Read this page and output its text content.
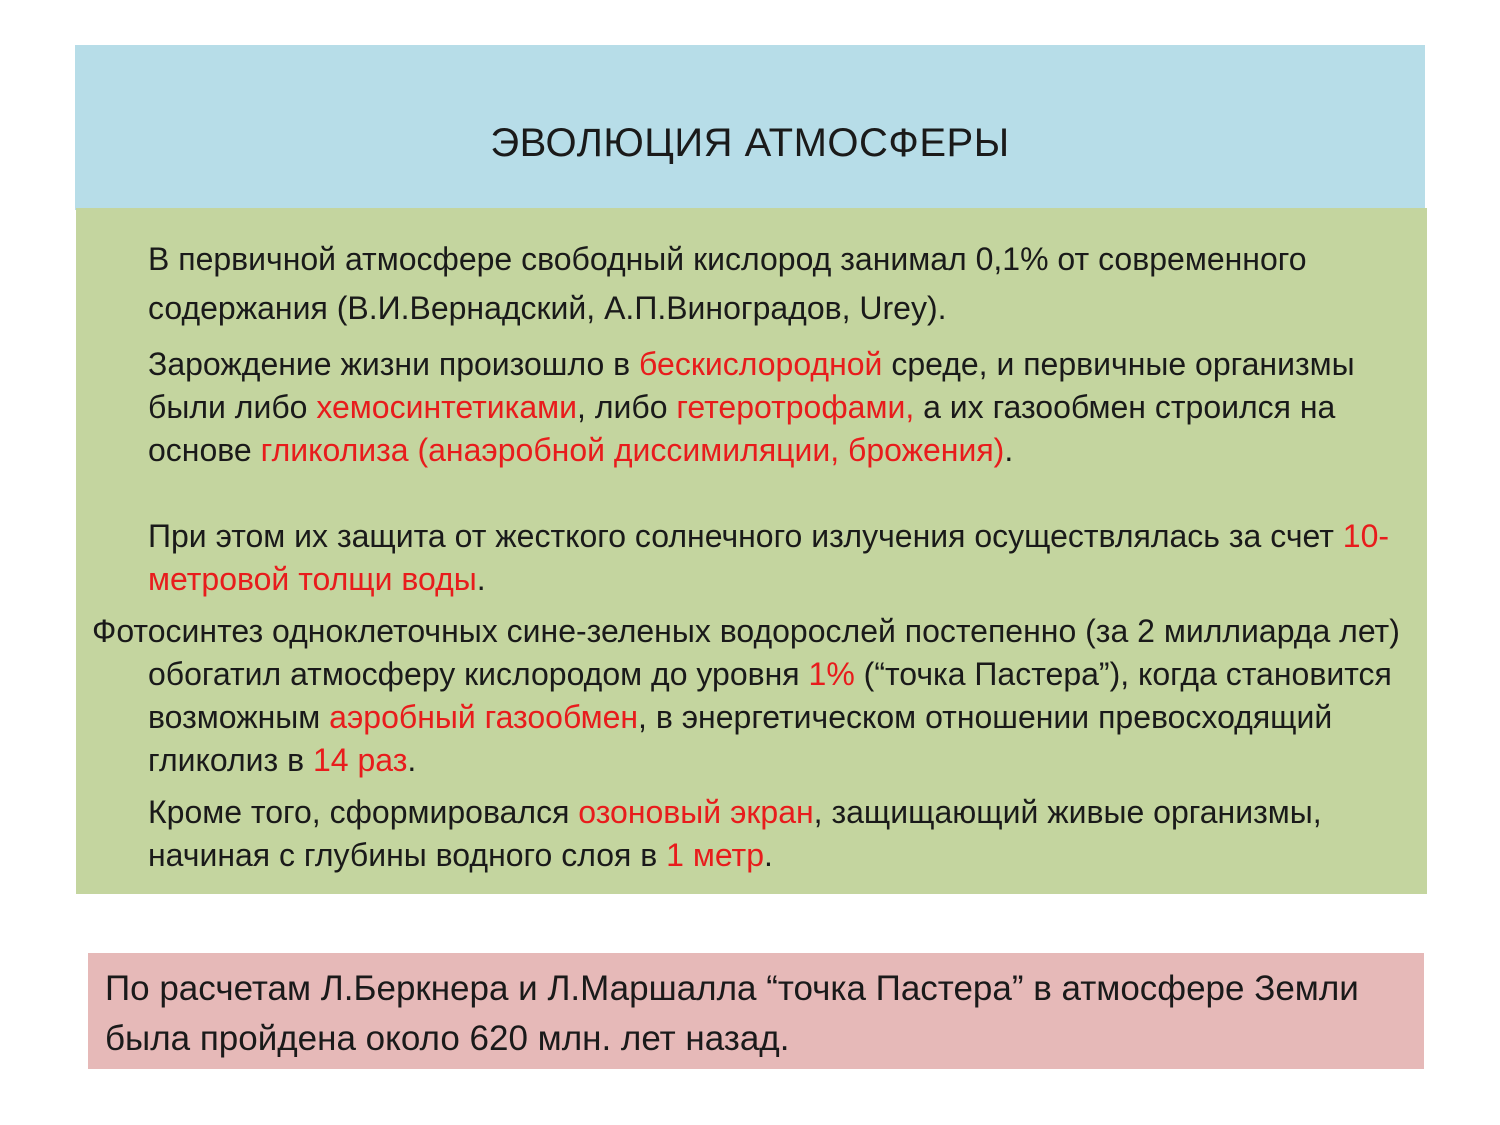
ЭВОЛЮЦИЯ АТМОСФЕРЫ

В первичной атмосфере свободный кислород занимал 0,1% от современного содержания (В.И.Вернадский, А.П.Виноградов, Urey).

Зарождение жизни произошло в бескислородной среде, и первичные организмы были либо хемосинтетиками, либо гетеротрофами, а их газообмен строился на основе гликолиза (анаэробной диссимиляции, брожения).

При этом их защита от жесткого солнечного излучения осуществлялась за счет 10-метровой толщи воды.

Фотосинтез одноклеточных сине-зеленых водорослей постепенно (за 2 миллиарда лет) обогатил атмосферу кислородом до уровня 1% (“точка Пастера”), когда становится возможным аэробный газообмен, в энергетическом отношении превосходящий гликолиз в 14 раз.

Кроме того, сформировался озоновый экран, защищающий живые организмы, начиная с глубины водного слоя в 1 метр.

По расчетам Л.Беркнера и Л.Маршалла “точка Пастера” в атмосфере Земли была пройдена около 620 млн. лет назад.
